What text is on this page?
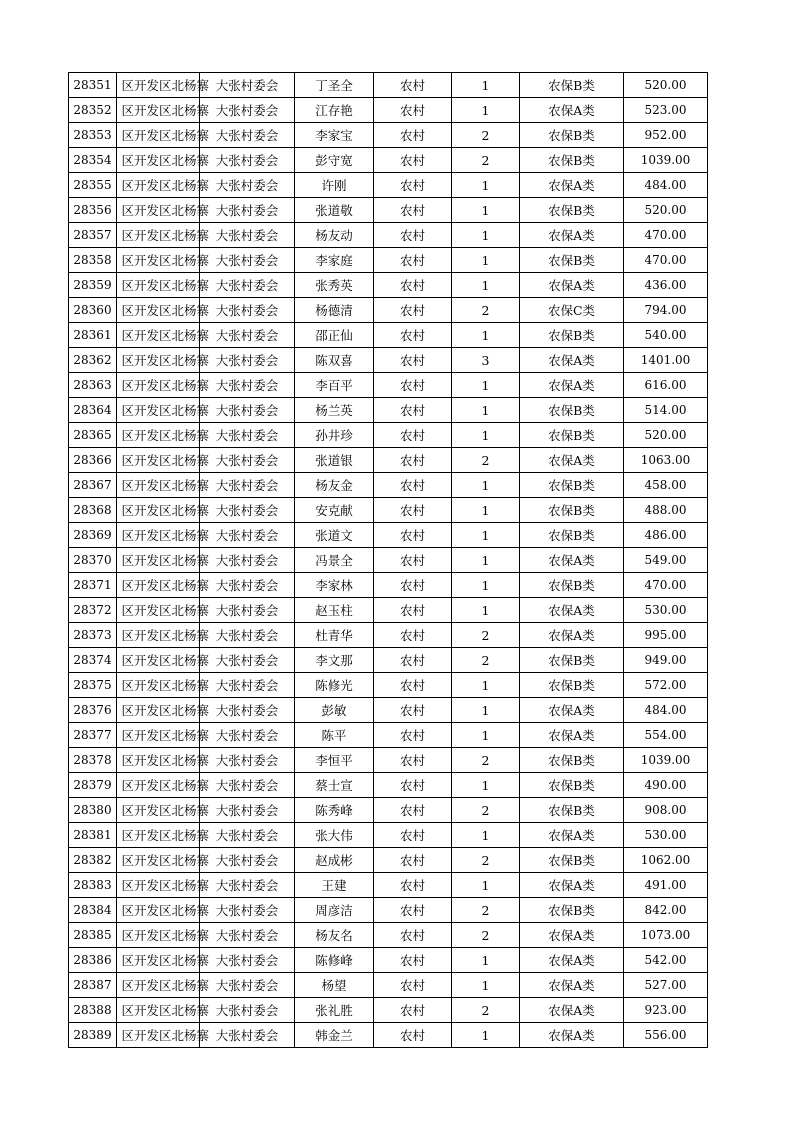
28351	区开发区北杨寨	大张村委会	丁圣全	农村	1	农保B类	520.00
28352	区开发区北杨寨	大张村委会	江存艳	农村	1	农保A类	523.00
28353	区开发区北杨寨	大张村委会	李家宝	农村	2	农保B类	952.00
28354	区开发区北杨寨	大张村委会	彭守宽	农村	2	农保B类	1039.00
28355	区开发区北杨寨	大张村委会	许刚	农村	1	农保A类	484.00
28356	区开发区北杨寨	大张村委会	张道敬	农村	1	农保B类	520.00
28357	区开发区北杨寨	大张村委会	杨友动	农村	1	农保A类	470.00
28358	区开发区北杨寨	大张村委会	李家庭	农村	1	农保B类	470.00
28359	区开发区北杨寨	大张村委会	张秀英	农村	1	农保A类	436.00
28360	区开发区北杨寨	大张村委会	杨德清	农村	2	农保C类	794.00
28361	区开发区北杨寨	大张村委会	邵正仙	农村	1	农保B类	540.00
28362	区开发区北杨寨	大张村委会	陈双喜	农村	3	农保A类	1401.00
28363	区开发区北杨寨	大张村委会	李百平	农村	1	农保A类	616.00
28364	区开发区北杨寨	大张村委会	杨兰英	农村	1	农保B类	514.00
28365	区开发区北杨寨	大张村委会	孙井珍	农村	1	农保B类	520.00
28366	区开发区北杨寨	大张村委会	张道银	农村	2	农保A类	1063.00
28367	区开发区北杨寨	大张村委会	杨友金	农村	1	农保B类	458.00
28368	区开发区北杨寨	大张村委会	安克献	农村	1	农保B类	488.00
28369	区开发区北杨寨	大张村委会	张道文	农村	1	农保B类	486.00
28370	区开发区北杨寨	大张村委会	冯景全	农村	1	农保A类	549.00
28371	区开发区北杨寨	大张村委会	李家林	农村	1	农保B类	470.00
28372	区开发区北杨寨	大张村委会	赵玉柱	农村	1	农保A类	530.00
28373	区开发区北杨寨	大张村委会	杜青华	农村	2	农保A类	995.00
28374	区开发区北杨寨	大张村委会	李文那	农村	2	农保B类	949.00
28375	区开发区北杨寨	大张村委会	陈修光	农村	1	农保B类	572.00
28376	区开发区北杨寨	大张村委会	彭敏	农村	1	农保A类	484.00
28377	区开发区北杨寨	大张村委会	陈平	农村	1	农保A类	554.00
28378	区开发区北杨寨	大张村委会	李恒平	农村	2	农保B类	1039.00
28379	区开发区北杨寨	大张村委会	蔡士宣	农村	1	农保B类	490.00
28380	区开发区北杨寨	大张村委会	陈秀峰	农村	2	农保B类	908.00
28381	区开发区北杨寨	大张村委会	张大伟	农村	1	农保A类	530.00
28382	区开发区北杨寨	大张村委会	赵成彬	农村	2	农保B类	1062.00
28383	区开发区北杨寨	大张村委会	王建	农村	1	农保A类	491.00
28384	区开发区北杨寨	大张村委会	周彦洁	农村	2	农保B类	842.00
28385	区开发区北杨寨	大张村委会	杨友名	农村	2	农保A类	1073.00
28386	区开发区北杨寨	大张村委会	陈修峰	农村	1	农保A类	542.00
28387	区开发区北杨寨	大张村委会	杨望	农村	1	农保A类	527.00
28388	区开发区北杨寨	大张村委会	张礼胜	农村	2	农保A类	923.00
28389	区开发区北杨寨	大张村委会	韩金兰	农村	1	农保A类	556.00
